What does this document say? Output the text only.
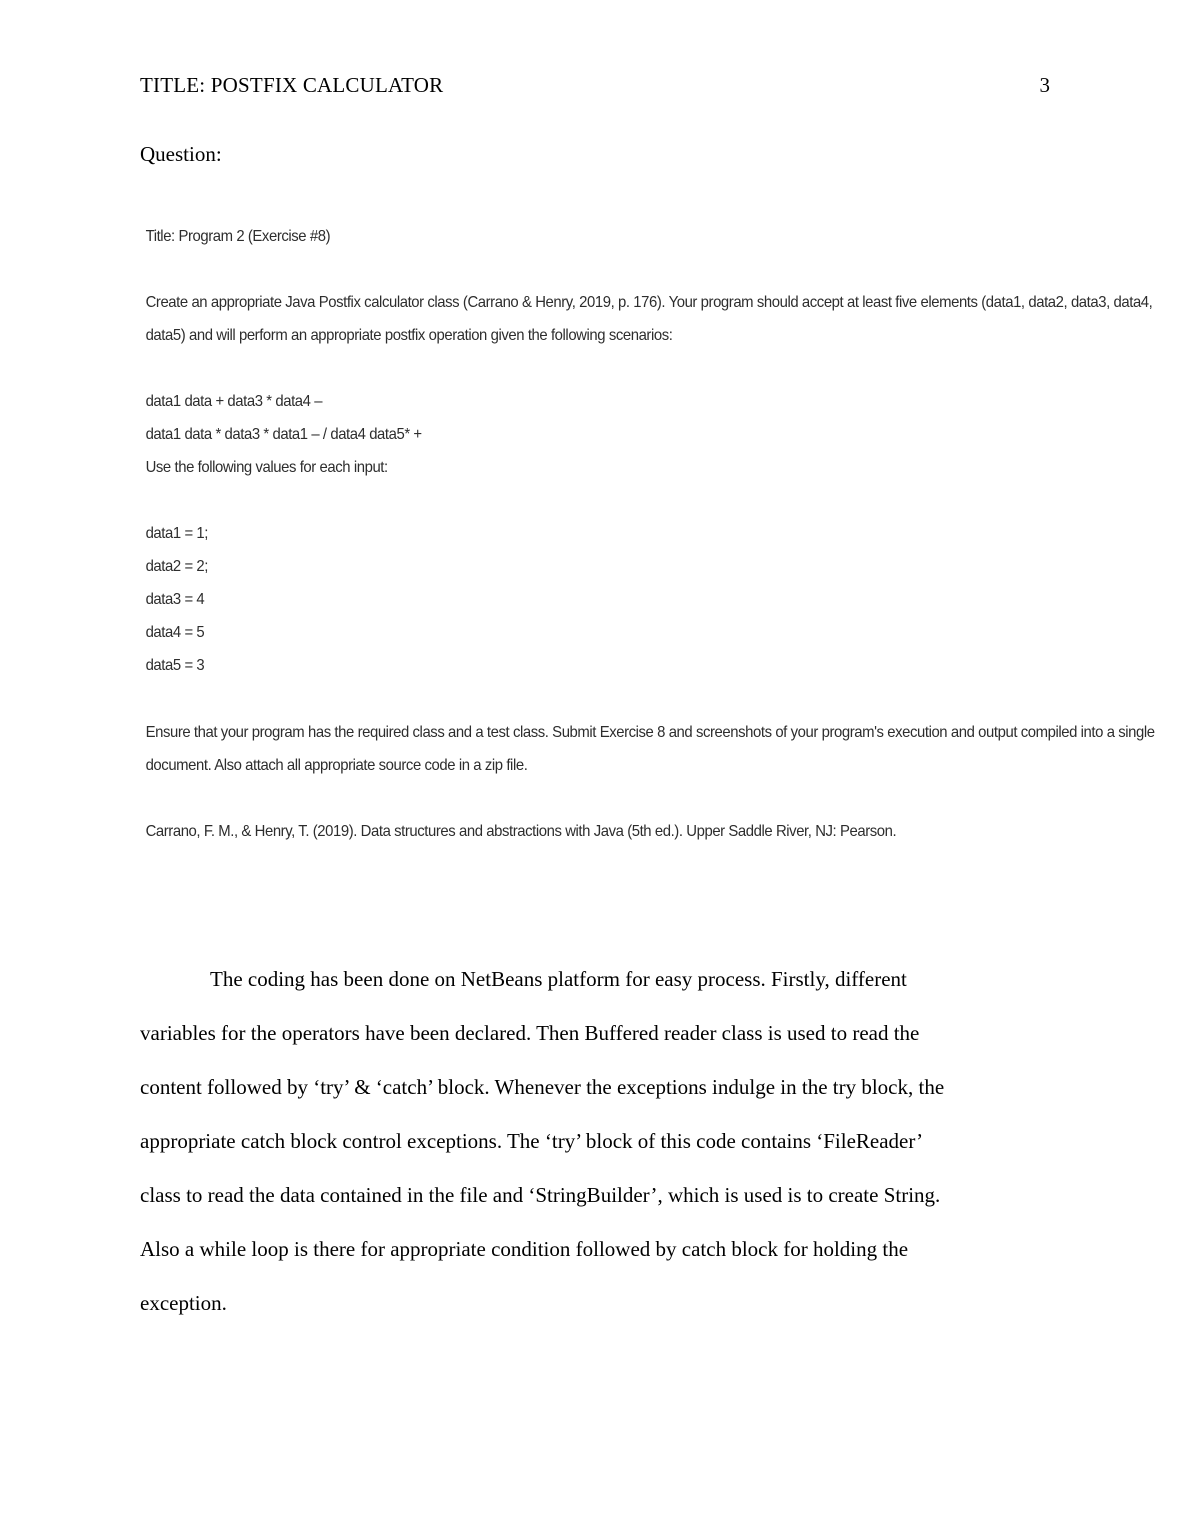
TITLE: POSTFIX CALCULATOR	3
Question:
Title: Program 2 (Exercise #8)
Create an appropriate Java Postfix calculator class (Carrano & Henry, 2019, p. 176). Your program should accept at least five elements (data1, data2, data3, data4,
data5) and will perform an appropriate postfix operation given the following scenarios:
data1 data + data3 * data4 –
data1 data * data3 * data1 – / data4 data5* +
Use the following values for each input:
data1 = 1;
data2 = 2;
data3 = 4
data4 = 5
data5 = 3
Ensure that your program has the required class and a test class. Submit Exercise 8 and screenshots of your program's execution and output compiled into a single
document. Also attach all appropriate source code in a zip file.
Carrano, F. M., & Henry, T. (2019). Data structures and abstractions with Java (5th ed.). Upper Saddle River, NJ: Pearson.
The coding has been done on NetBeans platform for easy process. Firstly, different
variables for the operators have been declared. Then Buffered reader class is used to read the
content followed by ‘try’ & ‘catch’ block. Whenever the exceptions indulge in the try block, the
appropriate catch block control exceptions. The ‘try’ block of this code contains ‘FileReader’
class to read the data contained in the file and ‘StringBuilder’, which is used is to create String.
Also a while loop is there for appropriate condition followed by catch block for holding the
exception.
